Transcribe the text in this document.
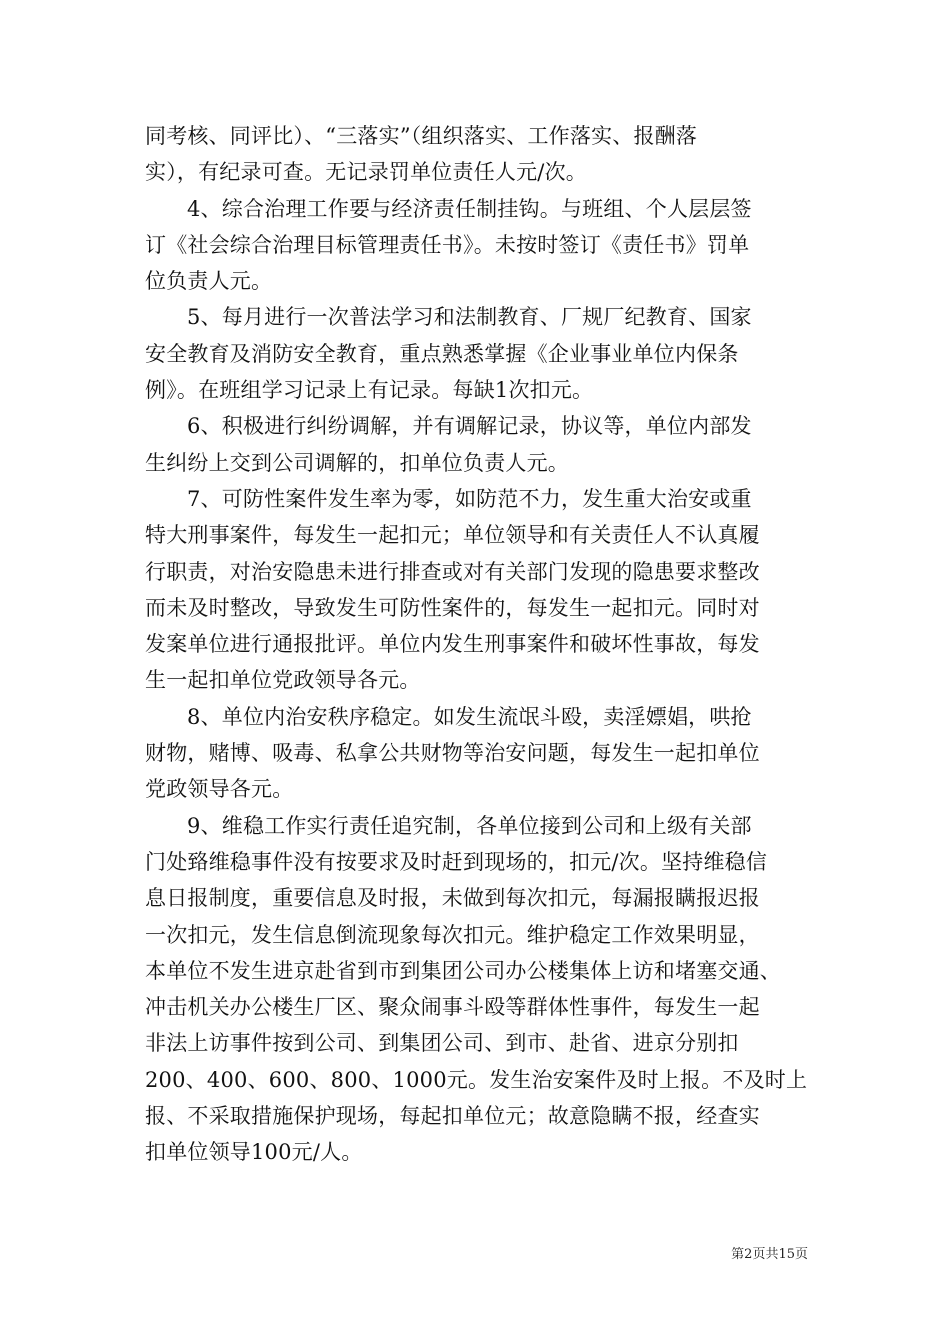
同考核、同评比）、“三落实”（组织落实、工作落实、报酬落
实），有纪录可查。无记录罚单位责任人元/次。
4、综合治理工作要与经济责任制挂钩。与班组、个人层层签
订《社会综合治理目标管理责任书》。未按时签订《责任书》罚单
位负责人元。
5、每月进行一次普法学习和法制教育、厂规厂纪教育、国家
安全教育及消防安全教育，重点熟悉掌握《企业事业单位内保条
例》。在班组学习记录上有记录。每缺1次扣元。
6、积极进行纠纷调解，并有调解记录，协议等，单位内部发
生纠纷上交到公司调解的，扣单位负责人元。
7、可防性案件发生率为零，如防范不力，发生重大治安或重
特大刑事案件，每发生一起扣元；单位领导和有关责任人不认真履
行职责，对治安隐患未进行排查或对有关部门发现的隐患要求整改
而未及时整改，导致发生可防性案件的，每发生一起扣元。同时对
发案单位进行通报批评。单位内发生刑事案件和破坏性事故，每发
生一起扣单位党政领导各元。
8、单位内治安秩序稳定。如发生流氓斗殴，卖淫嫖娼，哄抢
财物，赌博、吸毒、私拿公共财物等治安问题，每发生一起扣单位
党政领导各元。
9、维稳工作实行责任追究制，各单位接到公司和上级有关部
门处臵维稳事件没有按要求及时赶到现场的，扣元/次。坚持维稳信
息日报制度，重要信息及时报，未做到每次扣元，每漏报瞒报迟报
一次扣元，发生信息倒流现象每次扣元。维护稳定工作效果明显，
本单位不发生进京赴省到市到集团公司办公楼集体上访和堵塞交通、
冲击机关办公楼生厂区、聚众闹事斗殴等群体性事件，每发生一起
非法上访事件按到公司、到集团公司、到市、赴省、进京分别扣
200、400、600、800、1000元。发生治安案件及时上报。不及时上
报、不采取措施保护现场，每起扣单位元；故意隐瞒不报，经查实
扣单位领导100元/人。
第2页共15页
